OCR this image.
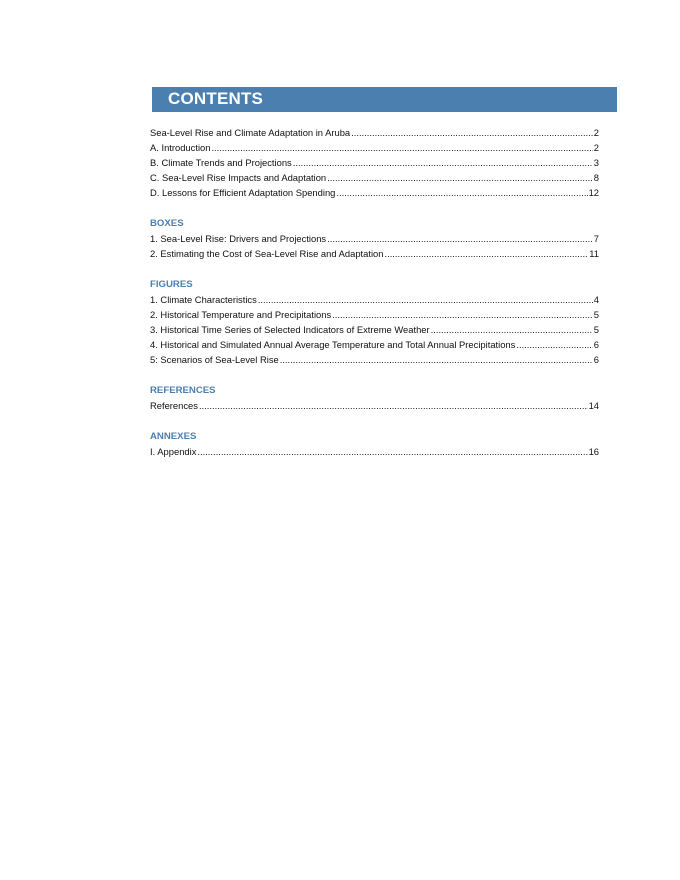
CONTENTS
Sea-Level Rise and Climate Adaptation in Aruba .....	2
A. Introduction .....	2
B. Climate Trends and Projections .....	3
C. Sea-Level Rise Impacts and Adaptation .....	8
D. Lessons for Efficient Adaptation Spending .....	12
BOXES
1. Sea-Level Rise: Drivers and Projections .....	7
2. Estimating the Cost of Sea-Level Rise and Adaptation .....	11
FIGURES
1. Climate Characteristics .....	4
2. Historical Temperature and Precipitations .....	5
3. Historical Time Series of Selected Indicators of Extreme Weather .....	5
4. Historical and Simulated Annual Average Temperature and Total Annual Precipitations .....	6
5: Scenarios of Sea-Level Rise .....	6
REFERENCES
References .....	14
ANNEXES
I. Appendix .....	16
